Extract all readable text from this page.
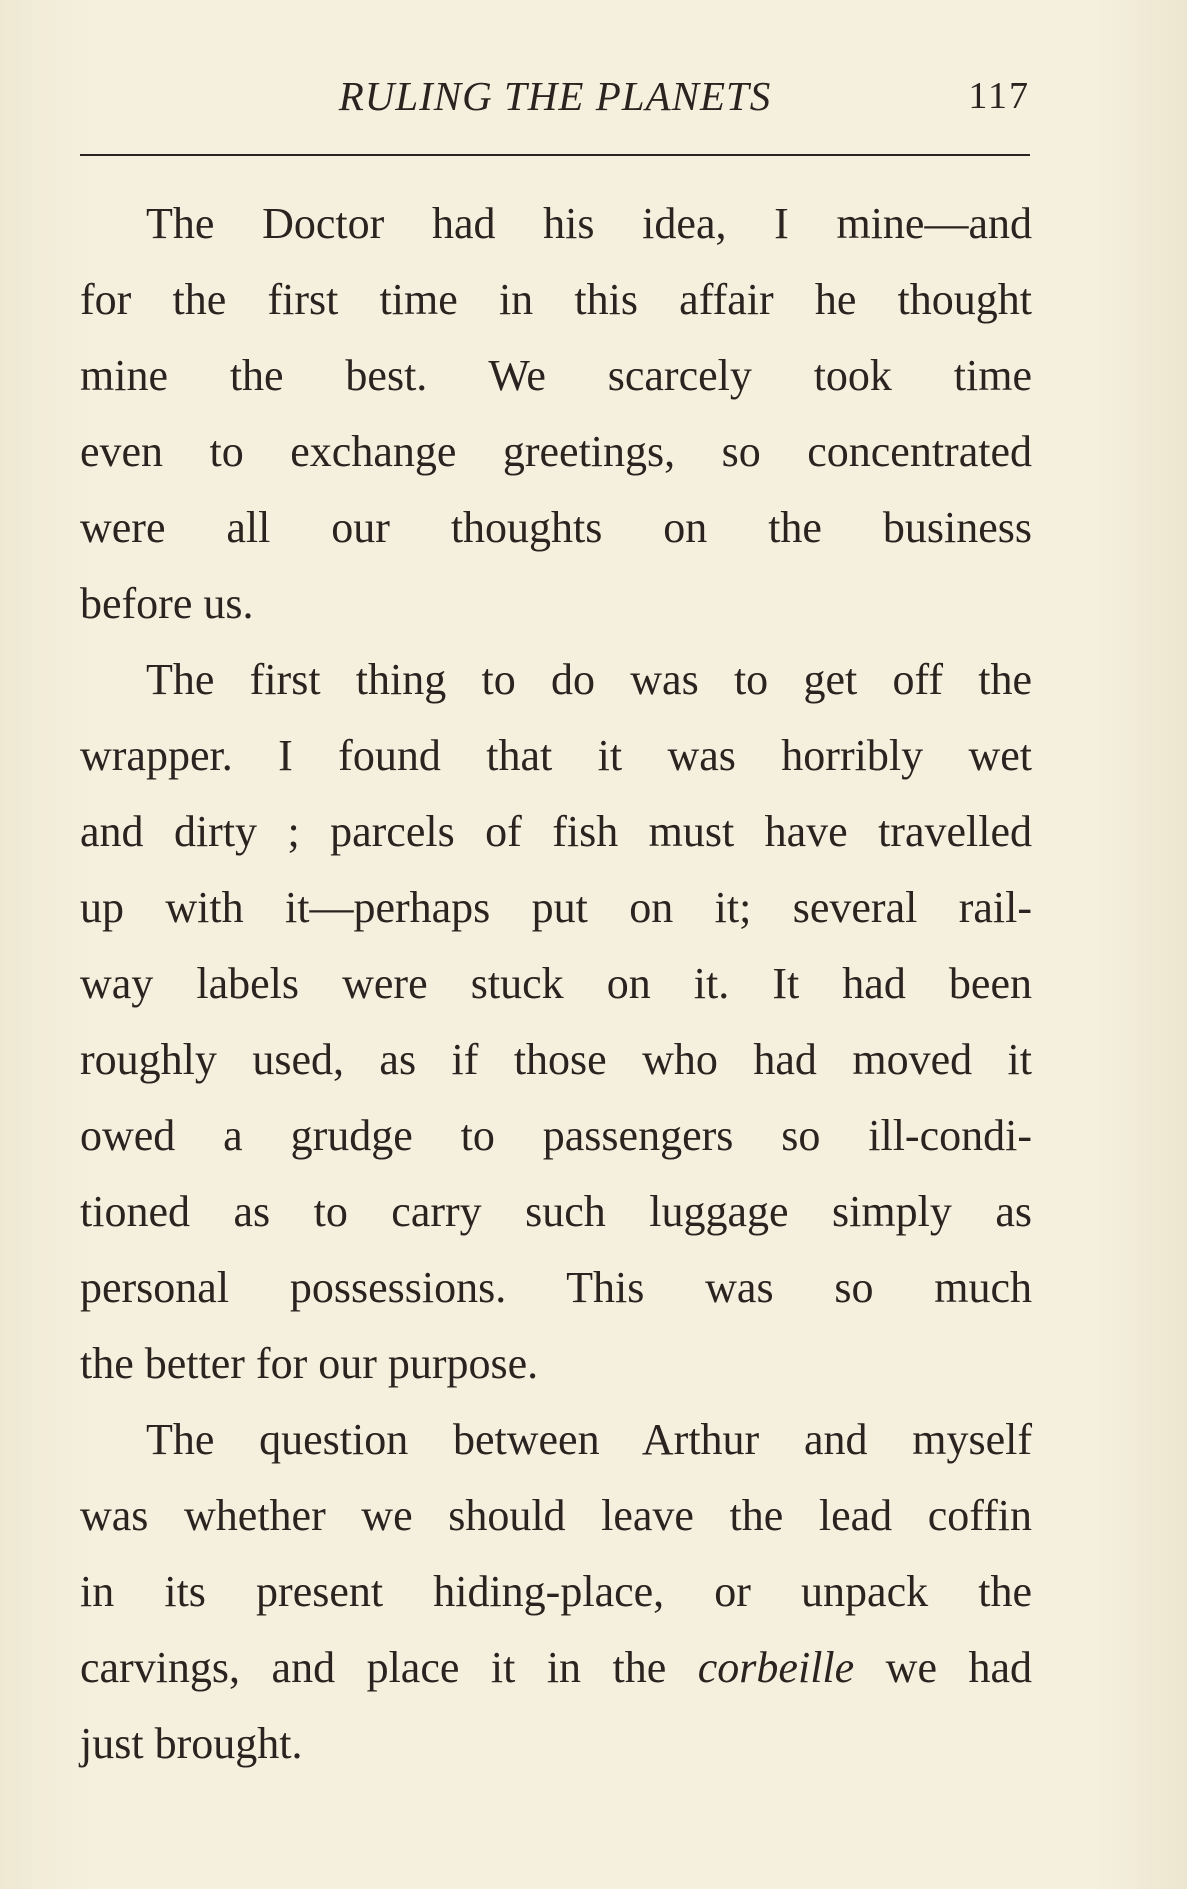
RULING THE PLANETS	117
The Doctor had his idea, I mine—and
for the first time in this affair he thought
mine the best. We scarcely took time
even to exchange greetings, so concentrated
were all our thoughts on the business
before us.
The first thing to do was to get off the
wrapper. I found that it was horribly wet
and dirty ; parcels of fish must have travelled
up with it—perhaps put on it; several rail-
way labels were stuck on it. It had been
roughly used, as if those who had moved it
owed a grudge to passengers so ill-condi-
tioned as to carry such luggage simply as
personal possessions. This was so much
the better for our purpose.
The question between Arthur and myself
was whether we should leave the lead coffin
in its present hiding-place, or unpack the
carvings, and place it in the corbeille we had
just brought.
